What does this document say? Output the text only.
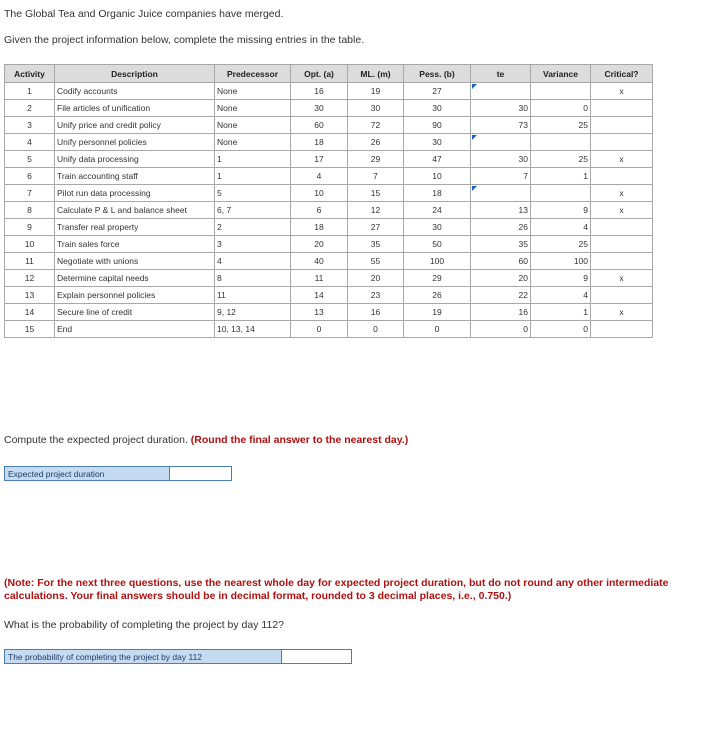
The Global Tea and Organic Juice companies have merged.
Given the project information below, complete the missing entries in the table.
Activity	Description	Predecessor	Opt. (a)	ML. (m)	Pess. (b)	te	Variance	Critical?
1	Codify accounts	None	16	19	27			x
2	File articles of unification	None	30	30	30	30	0	
3	Unify price and credit policy	None	60	72	90	73	25	
4	Unify personnel policies	None	18	26	30			
5	Unify data processing	1	17	29	47	30	25	x
6	Train accounting staff	1	4	7	10	7	1	
7	Pilot run data processing	5	10	15	18			x
8	Calculate P & L and balance sheet	6, 7	6	12	24	13	9	x
9	Transfer real property	2	18	27	30	26	4	
10	Train sales force	3	20	35	50	35	25	
11	Negotiate with unions	4	40	55	100	60	100	
12	Determine capital needs	8	11	20	29	20	9	x
13	Explain personnel policies	11	14	23	26	22	4	
14	Secure line of credit	9, 12	13	16	19	16	1	x
15	End	10, 13, 14	0	0	0	0	0	
Compute the expected project duration. (Round the final answer to the nearest day.)
Expected project duration
(Note: For the next three questions, use the nearest whole day for expected project duration, but do not round any other intermediate calculations. Your final answers should be in decimal format, rounded to 3 decimal places, i.e., 0.750.)
What is the probability of completing the project by day 112?
The probability of completing the project by day 112
